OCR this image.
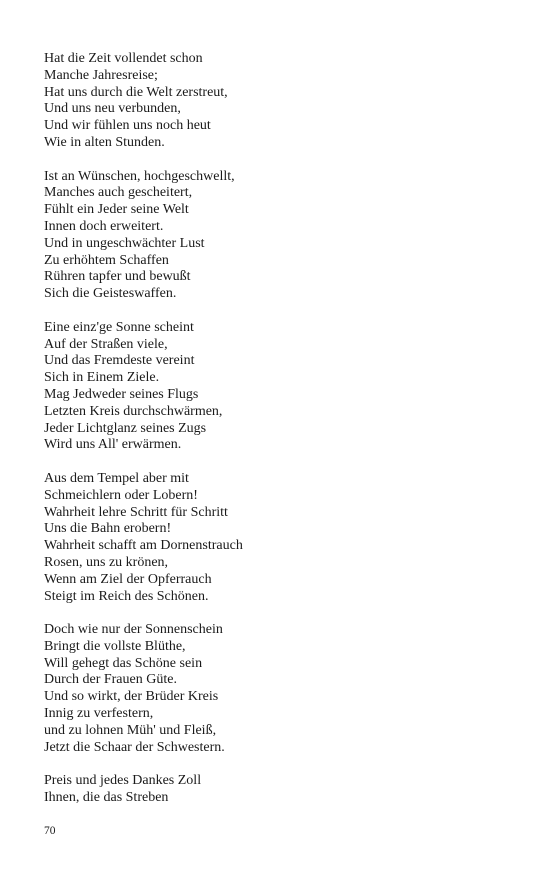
Hat die Zeit vollendet schon
Manche Jahresreise;
Hat uns durch die Welt zerstreut,
Und uns neu verbunden,
Und wir fühlen uns noch heut
Wie in alten Stunden.
Ist an Wünschen, hochgeschwellt,
Manches auch gescheitert,
Fühlt ein Jeder seine Welt
Innen doch erweitert.
Und in ungeschwächter Lust
Zu erhöhtem Schaffen
Rühren tapfer und bewußt
Sich die Geisteswaffen.
Eine einz'ge Sonne scheint
Auf der Straßen viele,
Und das Fremdeste vereint
Sich in Einem Ziele.
Mag Jedweder seines Flugs
Letzten Kreis durchschwärmen,
Jeder Lichtglanz seines Zugs
Wird uns All' erwärmen.
Aus dem Tempel aber mit
Schmeichlern oder Lobern!
Wahrheit lehre Schritt für Schritt
Uns die Bahn erobern!
Wahrheit schafft am Dornenstrauch
Rosen, uns zu krönen,
Wenn am Ziel der Opferrauch
Steigt im Reich des Schönen.
Doch wie nur der Sonnenschein
Bringt die vollste Blüthe,
Will gehegt das Schöne sein
Durch der Frauen Güte.
Und so wirkt, der Brüder Kreis
Innig zu verfestern,
und zu lohnen Müh' und Fleiß,
Jetzt die Schaar der Schwestern.
Preis und jedes Dankes Zoll
Ihnen, die das Streben
70
